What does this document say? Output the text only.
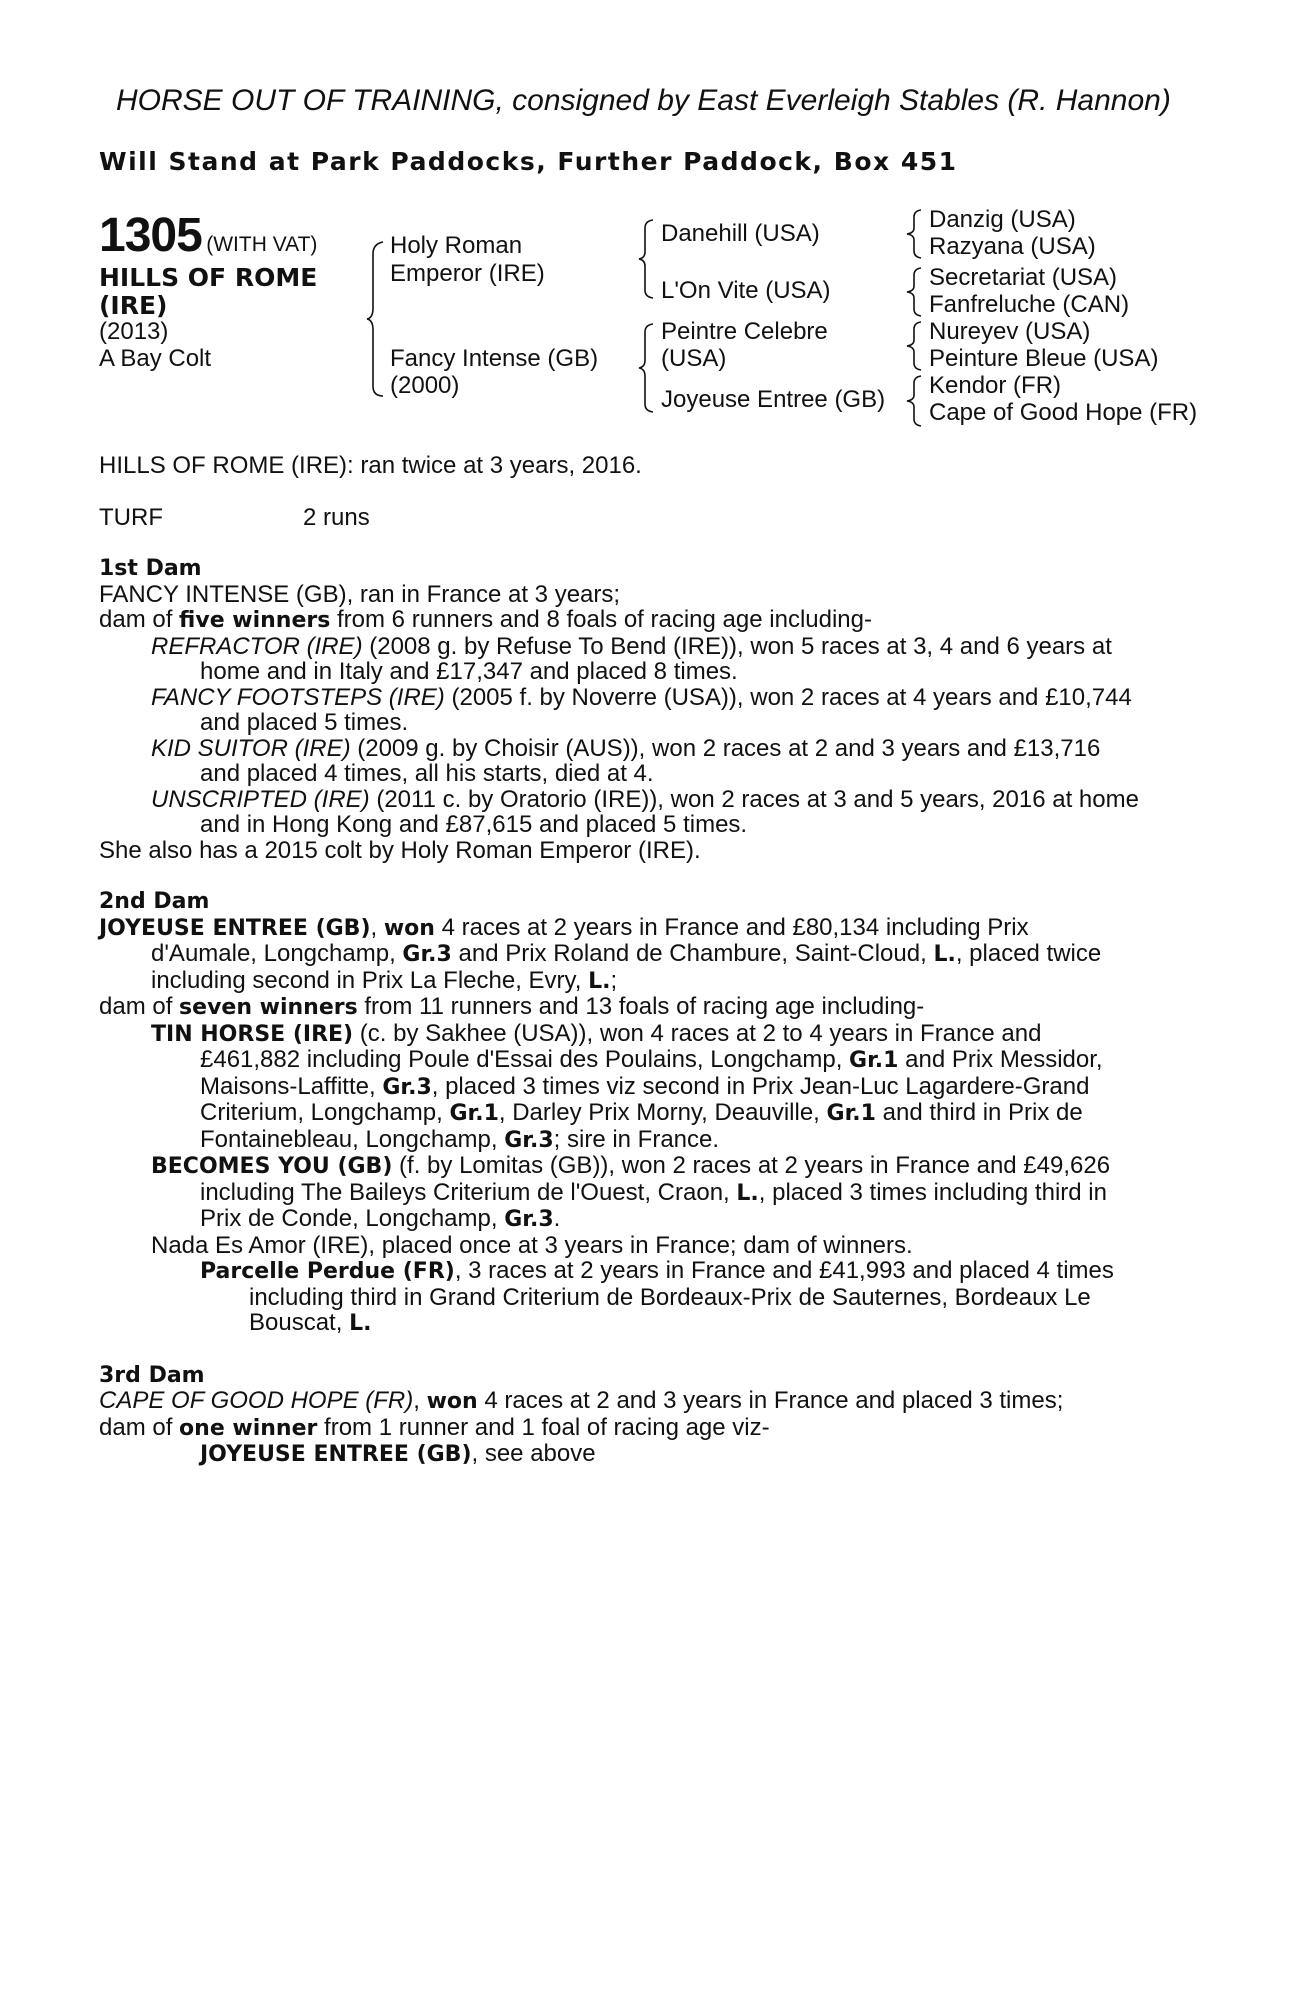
HORSE OUT OF TRAINING, consigned by East Everleigh Stables (R. Hannon)
Will Stand at Park Paddocks, Further Paddock, Box 451
1305 (WITH VAT)
HILLS OF ROME
(IRE)
(2013)
A Bay Colt
Holy Roman
Emperor (IRE)
Fancy Intense (GB)
(2000)
Danehill (USA)
L'On Vite (USA)
Peintre Celebre
(USA)
Joyeuse Entree (GB)
Danzig (USA)
Razyana (USA)
Secretariat (USA)
Fanfreluche (CAN)
Nureyev (USA)
Peinture Bleue (USA)
Kendor (FR)
Cape of Good Hope (FR)
HILLS OF ROME (IRE): ran twice at 3 years, 2016.
TURF	2 runs
1st Dam
FANCY INTENSE (GB), ran in France at 3 years;
dam of five winners from 6 runners and 8 foals of racing age including-
REFRACTOR (IRE) (2008 g. by Refuse To Bend (IRE)), won 5 races at 3, 4 and 6 years at
home and in Italy and £17,347 and placed 8 times.
FANCY FOOTSTEPS (IRE) (2005 f. by Noverre (USA)), won 2 races at 4 years and £10,744
and placed 5 times.
KID SUITOR (IRE) (2009 g. by Choisir (AUS)), won 2 races at 2 and 3 years and £13,716
and placed 4 times, all his starts, died at 4.
UNSCRIPTED (IRE) (2011 c. by Oratorio (IRE)), won 2 races at 3 and 5 years, 2016 at home
and in Hong Kong and £87,615 and placed 5 times.
She also has a 2015 colt by Holy Roman Emperor (IRE).
2nd Dam
JOYEUSE ENTREE (GB), won 4 races at 2 years in France and £80,134 including Prix
d'Aumale, Longchamp, Gr.3 and Prix Roland de Chambure, Saint-Cloud, L., placed twice
including second in Prix La Fleche, Evry, L.;
dam of seven winners from 11 runners and 13 foals of racing age including-
TIN HORSE (IRE) (c. by Sakhee (USA)), won 4 races at 2 to 4 years in France and
£461,882 including Poule d'Essai des Poulains, Longchamp, Gr.1 and Prix Messidor,
Maisons-Laffitte, Gr.3, placed 3 times viz second in Prix Jean-Luc Lagardere-Grand
Criterium, Longchamp, Gr.1, Darley Prix Morny, Deauville, Gr.1 and third in Prix de
Fontainebleau, Longchamp, Gr.3; sire in France.
BECOMES YOU (GB) (f. by Lomitas (GB)), won 2 races at 2 years in France and £49,626
including The Baileys Criterium de l'Ouest, Craon, L., placed 3 times including third in
Prix de Conde, Longchamp, Gr.3.
Nada Es Amor (IRE), placed once at 3 years in France; dam of winners.
Parcelle Perdue (FR), 3 races at 2 years in France and £41,993 and placed 4 times
including third in Grand Criterium de Bordeaux-Prix de Sauternes, Bordeaux Le
Bouscat, L.
3rd Dam
CAPE OF GOOD HOPE (FR), won 4 races at 2 and 3 years in France and placed 3 times;
dam of one winner from 1 runner and 1 foal of racing age viz-
JOYEUSE ENTREE (GB), see above
